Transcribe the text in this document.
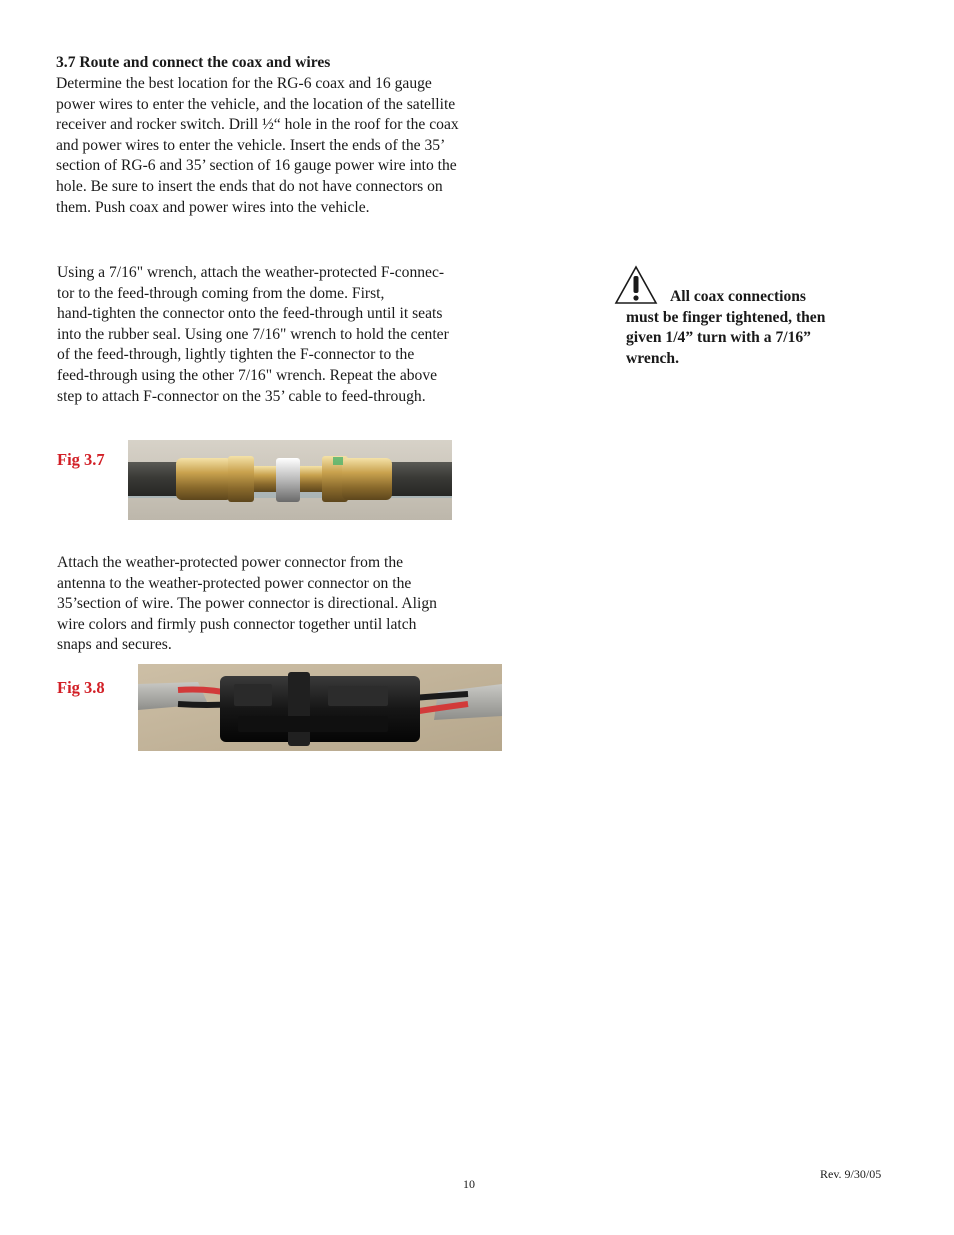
3.7 Route and connect the coax and wires
Determine the best location for the RG-6 coax and 16 gauge
power wires to enter the vehicle, and the location of the satellite
receiver and rocker switch. Drill ½“ hole in the roof for the coax
and power wires to enter the vehicle. Insert the ends of the 35’
section of RG-6 and 35’ section of 16 gauge power wire into the
hole. Be sure to insert the ends that do not have connectors on
them. Push coax and power wires into the vehicle.
Using a 7/16" wrench, attach the weather-protected F-connec-
tor to the feed-through coming from the dome. First,
hand-tighten the connector onto the feed-through until it seats
into the rubber seal. Using one 7/16" wrench to hold the center
of the feed-through, lightly tighten the F-connector to the
feed-through using the other 7/16" wrench. Repeat the above
step to attach F-connector on the 35’ cable to feed-through.
All coax connections
must be finger tightened, then
given 1/4” turn with a 7/16”
wrench.
Fig 3.7
Attach the weather-protected power connector from the
antenna to the weather-protected power connector on the
35’section of wire. The power connector is directional. Align
wire colors and firmly push connector together until latch
snaps and secures.
Fig 3.8
10
Rev. 9/30/05
